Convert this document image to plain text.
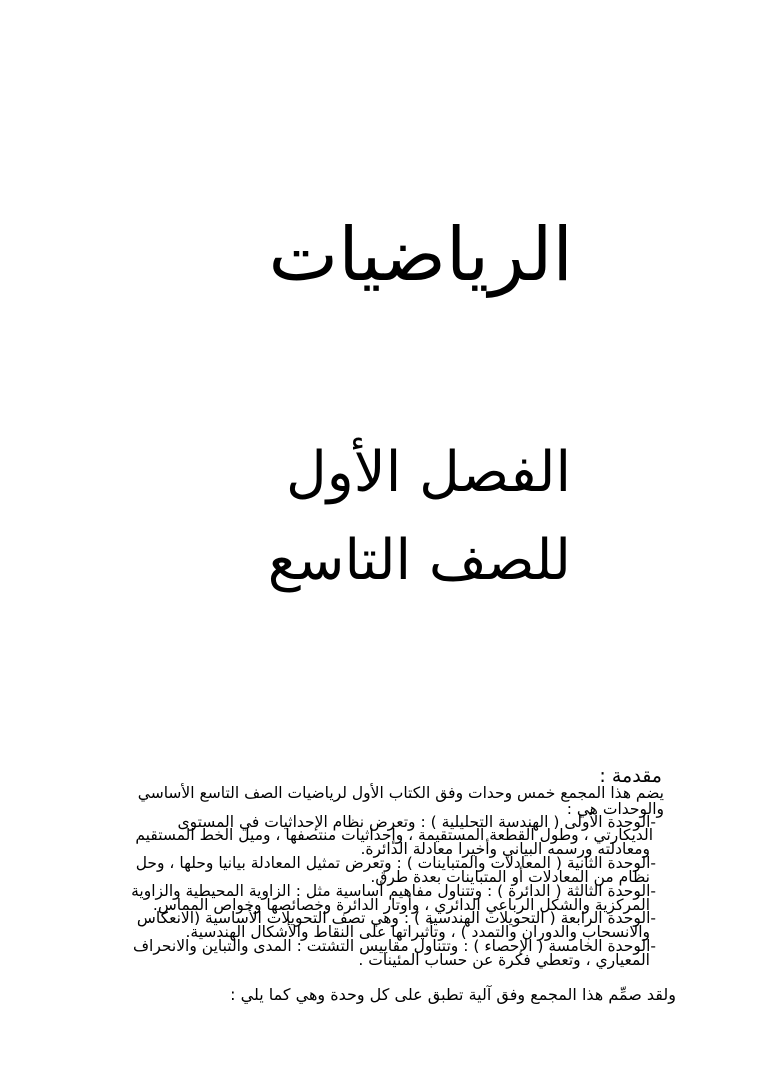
الرياضيات
الفصل الأول
للصف التاسع
مقدمة :
يضم هذا المجمع خمس وحدات وفق الكتاب الأول لرياضيات الصف التاسع الأساسي
والوحدات هي :
-الوحدة الأولى ( الهندسة التحليلية ) : وتعرض نظام الإحداثيات في المستوى
الديكارتي ، وطول القطعة المستقيمة ، وإحداثيات منتصفها ، وميل الخط المستقيم
ومعادلته ورسمه البياني وأخيرا معادلة الدائرة.
-الوحدة الثانية ( المعادلات والمتباينات ) : وتعرض تمثيل المعادلة بيانيا وحلها ، وحل
نظام من المعادلات أو المتباينات بعدة طرق.
-الوحدة الثالثة ( الدائرة ) : وتتناول مفاهيم أساسية مثل : الزاوية المحيطية والزاوية
المركزية والشكل الرباعي الدائري ، وأوتار الدائرة وخصائصها وخواص المماس.
-الوحدة الرابعة ( التحويلات الهندسية ) : وهي تصف التحويلات الأساسية (الانعكاس
والانسحاب والدوران والتمدد ) ، وتأثيراتها على النقاط والأشكال الهندسية.
-الوحدة الخامسة ( الإحصاء ) : وتتناول مقاييس التشتت : المدى والتباين والانحراف
المعياري ، وتعطي فكرة عن حساب المئينات .
ولقد صمِّم هذا المجمع وفق آلية تطبق على كل وحدة وهي كما يلي :
